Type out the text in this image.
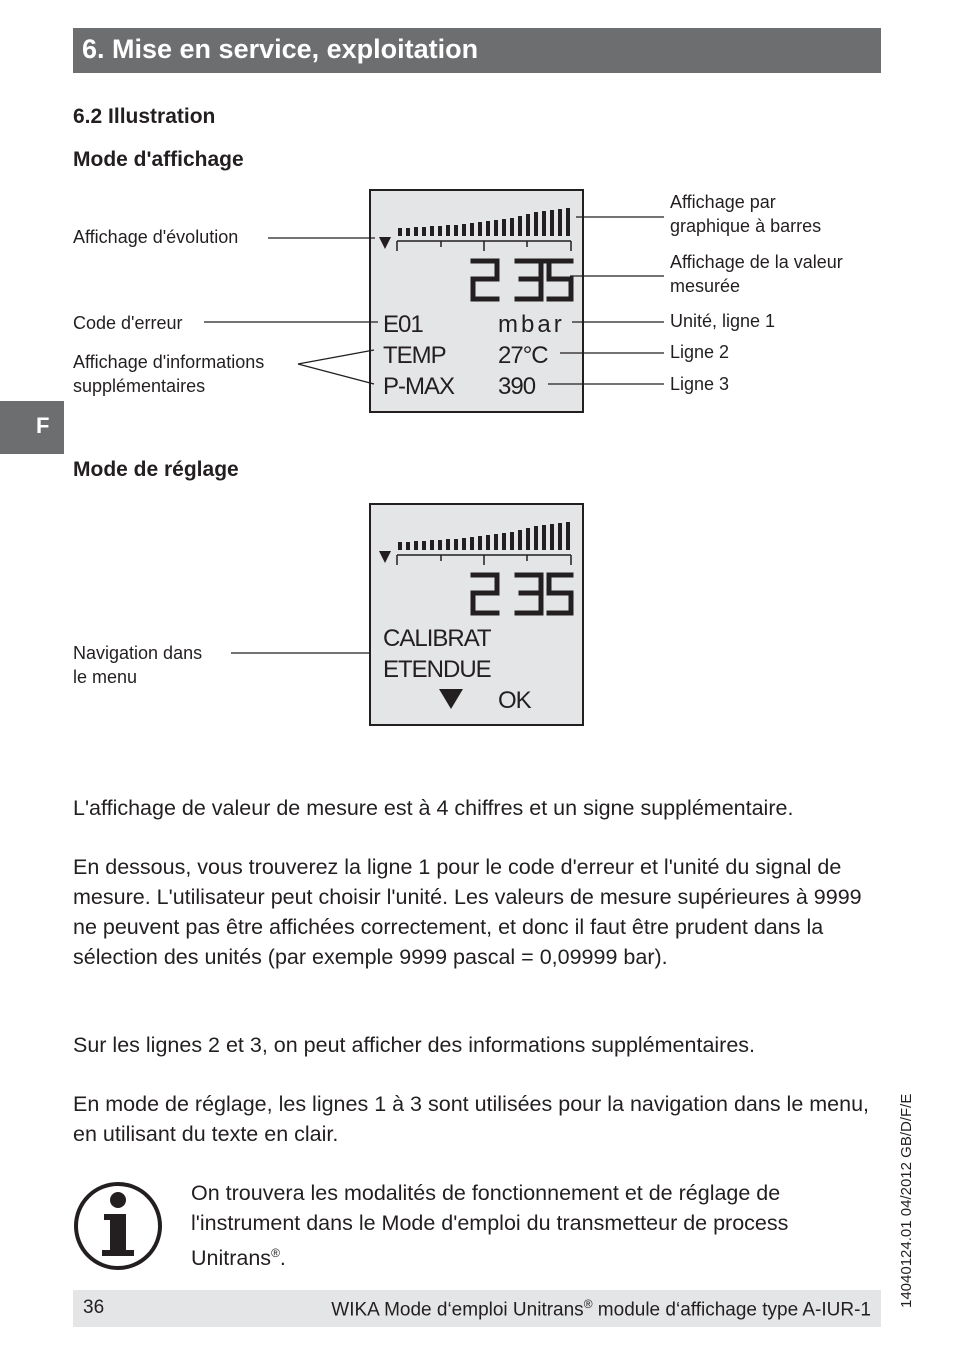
6. Mise en service, exploitation
6.2 Illustration
Mode d'affichage
Affichage d'évolution
Code d'erreur
Affichage d'informations
supplémentaires
Affichage par
graphique à barres
Affichage de la valeur
mesurée
Unité, ligne 1
Ligne 2
Ligne 3
E01	mbar
TEMP 27°C
P-MAX 390
F
Mode de réglage
Navigation dans
le menu
CALIBRAT
ETENDUE
OK
L'affichage de valeur de mesure est à 4 chiffres et un signe supplémentaire.
En dessous, vous trouverez la ligne 1 pour le code d'erreur et l'unité du signal de mesure. L'utilisateur peut choisir l'unité. Les valeurs de mesure supérieures à 9999 ne peuvent pas être affichées correctement, et donc il faut être prudent dans la sélection des unités (par exemple 9999 pascal = 0,09999 bar).
Sur les lignes 2 et 3, on peut afficher des informations supplémentaires.
En mode de réglage, les lignes 1 à 3 sont utilisées pour la navigation dans le menu, en utilisant du texte en clair.
On trouvera les modalités de fonctionnement et de réglage de l'instrument dans le Mode d'emploi du transmetteur de process Unitrans®.	14040124.01 04/2012 GB/D/F/E
36	WIKA Mode d‘emploi Unitrans® module d‘affichage type A-IUR-1
